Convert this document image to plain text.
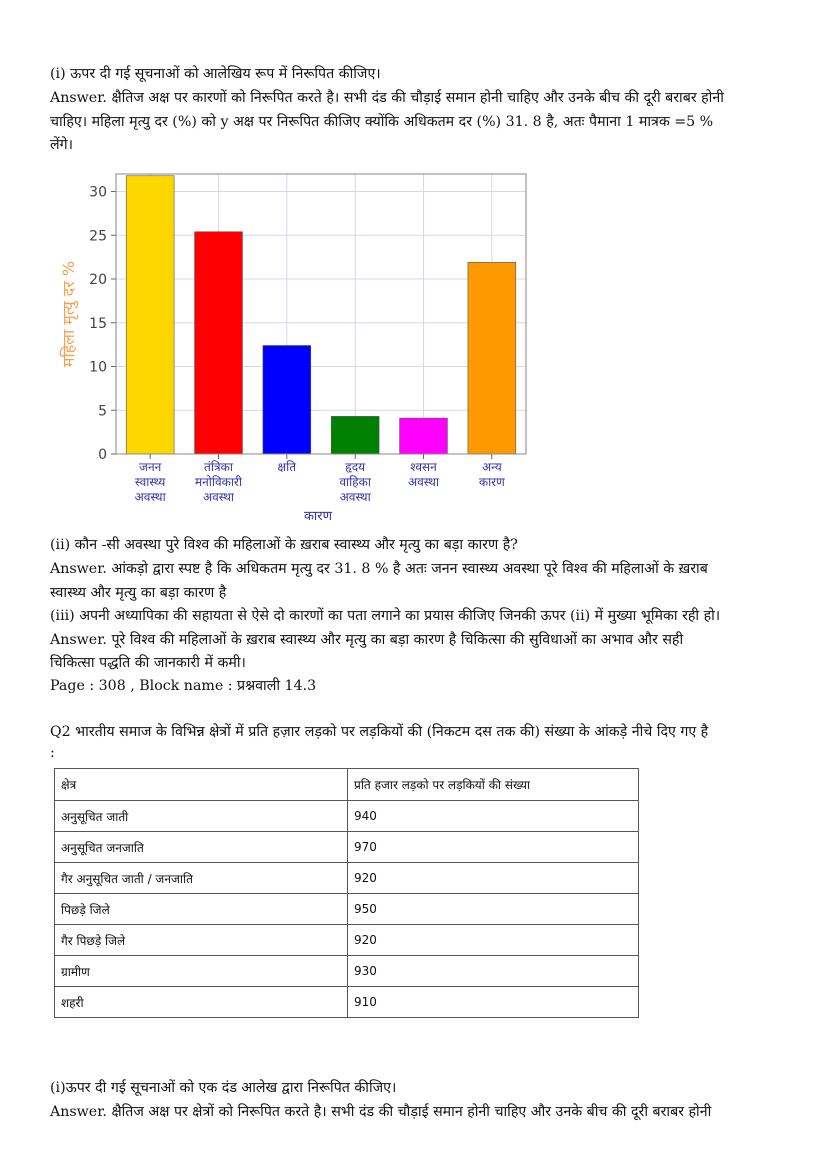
(i) ऊपर दी गई सूचनाओं को आलेखिय रूप में निरूपित कीजिए।
Answer. क्षैतिज अक्ष पर कारणों को निरूपित करते है। सभी दंड की चौड़ाई समान होनी चाहिए और उनके बीच की दूरी बराबर होनी
चाहिए। महिला मृत्यु दर (%) को y अक्ष पर निरूपित कीजिए क्योंकि अधिकतम दर (%) 31. 8 है, अतः पैमाना 1 मात्रक =5 %
लेंगे।
0
5
10
15
20
25
30
जनन स्वास्थ्य अवस्था
तंत्रिका मनोविकारी अवस्था
क्षति	हृदय वाहिका अवस्था
श्वसन अवस्था
अन्य कारण
कारण
महिला मृत्यु दर %
(ii) कौन -सी अवस्था पुरे विश्व की महिलाओं के ख़राब स्वास्थ्य और मृत्यु का बड़ा कारण है?
Answer. आंकड़ो द्वारा स्पष्ट है कि अधिकतम मृत्यु दर 31. 8 % है अतः जनन स्वास्थ्य अवस्था पूरे विश्व की महिलाओं के ख़राब
स्वास्थ्य और मृत्यु का बड़ा कारण है
(iii) अपनी अध्यापिका की सहायता से ऐसे दो कारणों का पता लगाने का प्रयास कीजिए जिनकी ऊपर (ii) में मुख्या भूमिका रही हो।
Answer. पूरे विश्व की महिलाओं के ख़राब स्वास्थ्य और मृत्यु का बड़ा कारण है चिकित्सा की सुविधाओं का अभाव और सही
चिकित्सा पद्धति की जानकारी में कमी।
Page : 308 , Block name : प्रश्नवाली 14.3
Q2 भारतीय समाज के विभिन्न क्षेत्रों में प्रति हज़ार लड़को पर लड़कियों की (निकटम दस तक की) संख्या के आंकड़े नीचे दिए गए है
:
क्षेत्र	प्रति हजार लड़को पर लड़कियों की संख्या
अनुसूचित जाती	940
अनुसूचित जनजाति	970
गैर अनुसूचित जाती / जनजाति	920
पिछड़े जिले	950
गैर पिछड़े जिले	920
ग्रामीण	930
शहरी	910
(i)ऊपर दी गई सूचनाओं को एक दंड आलेख द्वारा निरूपित कीजिए।
Answer. क्षैतिज अक्ष पर क्षेत्रों को निरूपित करते है। सभी दंड की चौड़ाई समान होनी चाहिए और उनके बीच की दूरी बराबर होनी
